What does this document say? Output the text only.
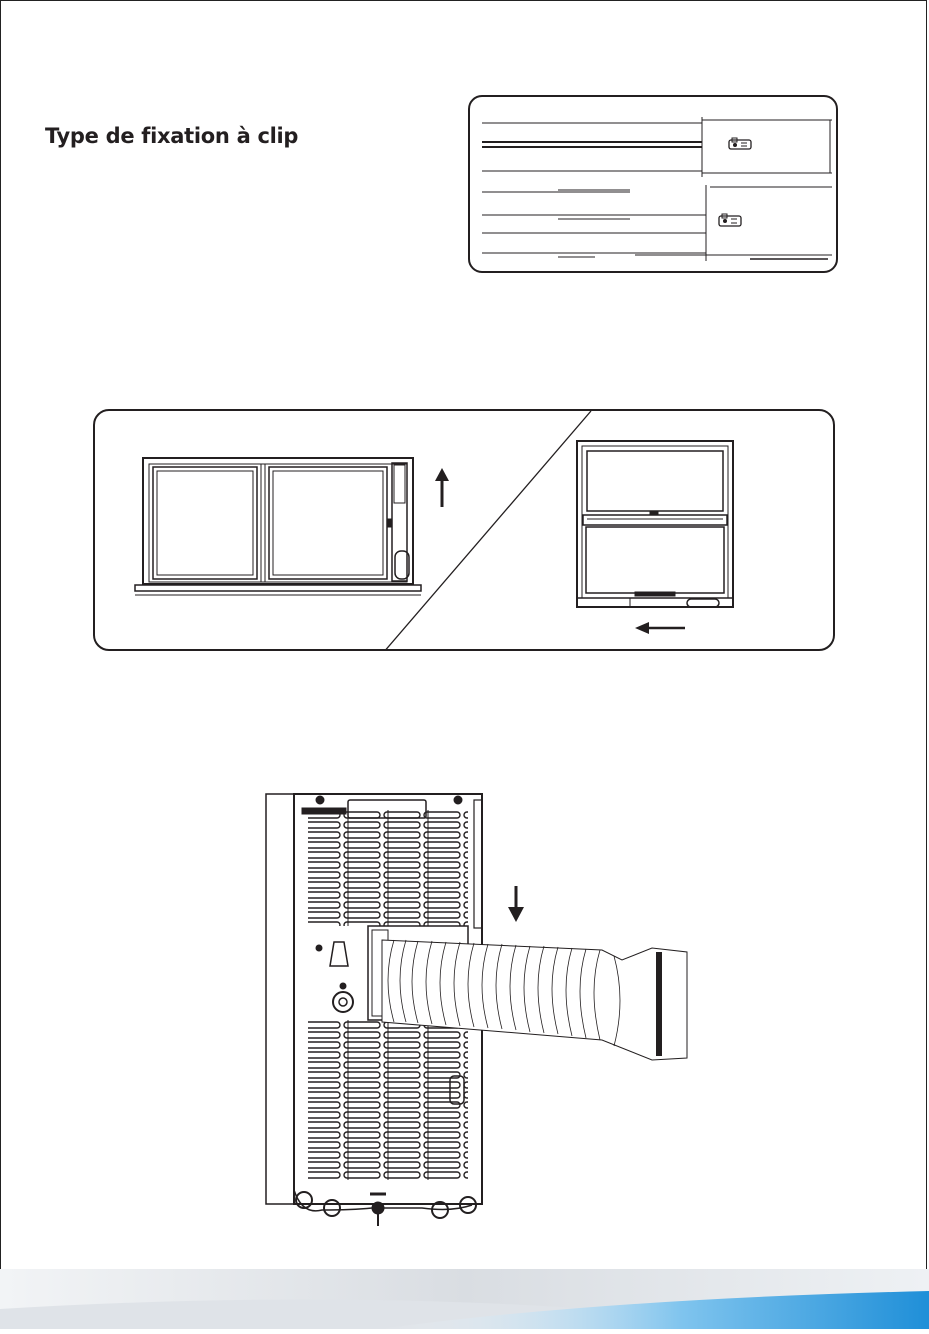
Type de fixation à clip
